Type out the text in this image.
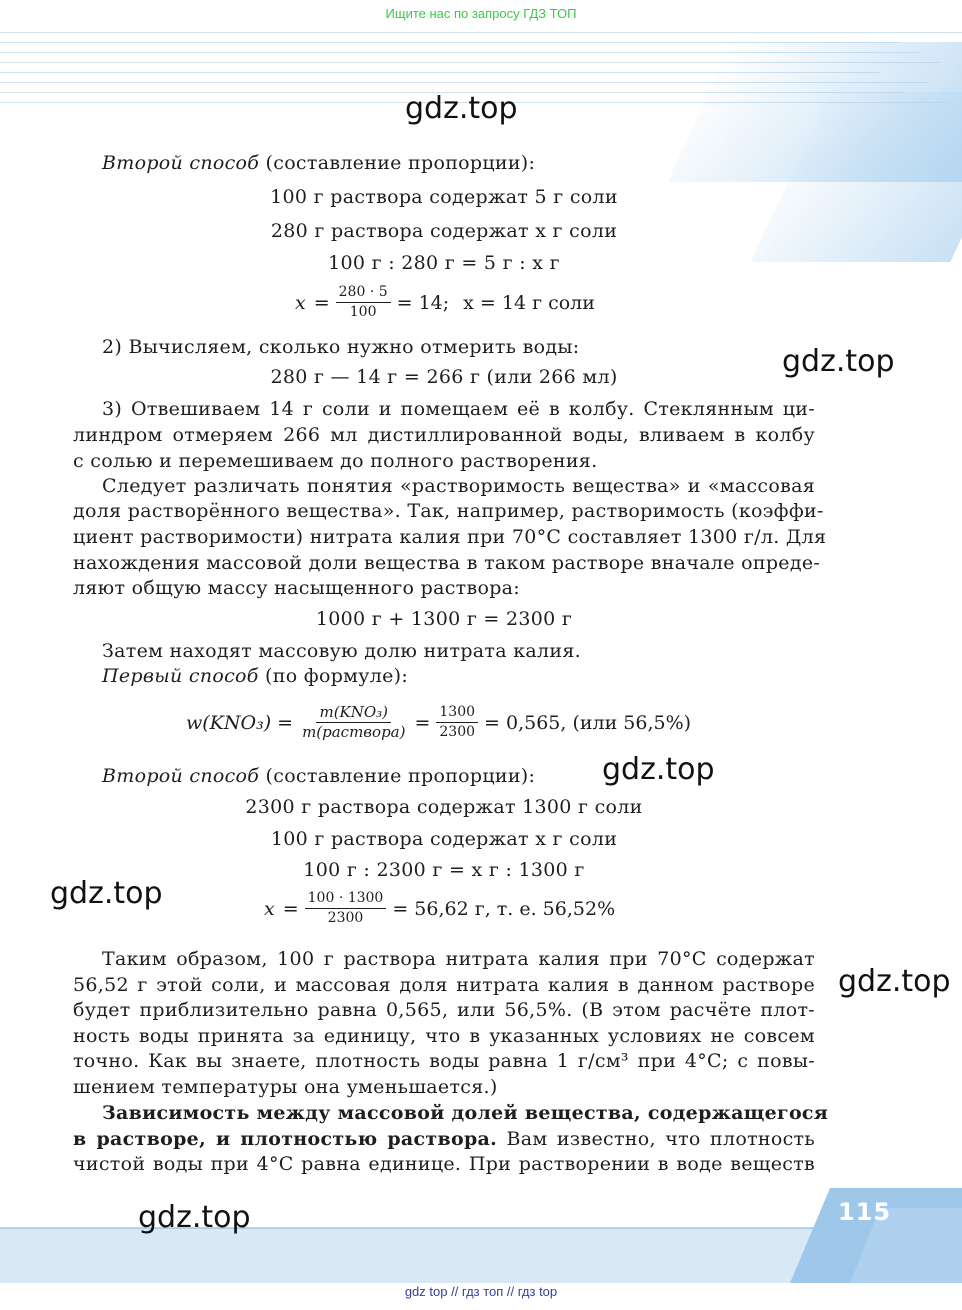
Ищите нас по запросу ГДЗ ТОП
115
gdz.top
gdz.top
gdz.top
gdz.top
gdz.top
gdz.top
Второй способ (составление пропорции):
100 г раствора содержат 5 г соли
280 г раствора содержат x г соли
100 г : 280 г = 5 г : x г
$x = \frac{280 \cdot 5}{100} = 14$; x = 14 г соли
2) Вычисляем, сколько нужно отмерить воды:
280 г — 14 г = 266 г (или 266 мл)
3) Отвешиваем 14 г соли и помещаем её в колбу. Стеклянным ци-
линдром отмеряем 266 мл дистиллированной воды, вливаем в колбу
с солью и перемешиваем до полного растворения.
Следует различать понятия «растворимость вещества» и «массовая
доля растворённого вещества». Так, например, растворимость (коэффи-
циент растворимости) нитрата калия при 70°C составляет 1300 г/л. Для
нахождения массовой доли вещества в таком растворе вначале опреде-
ляют общую массу насыщенного раствора:
1000 г + 1300 г = 2300 г
Затем находят массовую долю нитрата калия.
Первый способ (по формуле):
$w(KNO_3) = \frac{\text{m(KNO₃)}}{\text{m(раствора)}} = \frac{1300}{2300} = 0,565$, (или 56,5%)
Второй способ (составление пропорции):
2300 г раствора содержат 1300 г соли
100 г раствора содержат x г соли
100 г : 2300 г = x г : 1300 г
$x = \frac{100 \cdot 1300}{2300} = 56,62$ г, т. е. 56,52%
Таким образом, 100 г раствора нитрата калия при 70°C содержат
56,52 г этой соли, и массовая доля нитрата калия в данном растворе
будет приблизительно равна 0,565, или 56,5%. (В этом расчёте плот-
ность воды принята за единицу, что в указанных условиях не совсем
точно. Как вы знаете, плотность воды равна 1 г/см³ при 4°C; с повы-
шением температуры она уменьшается.)
Зависимость между массовой долей вещества, содержащегося
в растворе, и плотностью раствора. Вам известно, что плотность
чистой воды при 4°C равна единице. При растворении в воде веществ
gdz top // гдз топ // гдз top
